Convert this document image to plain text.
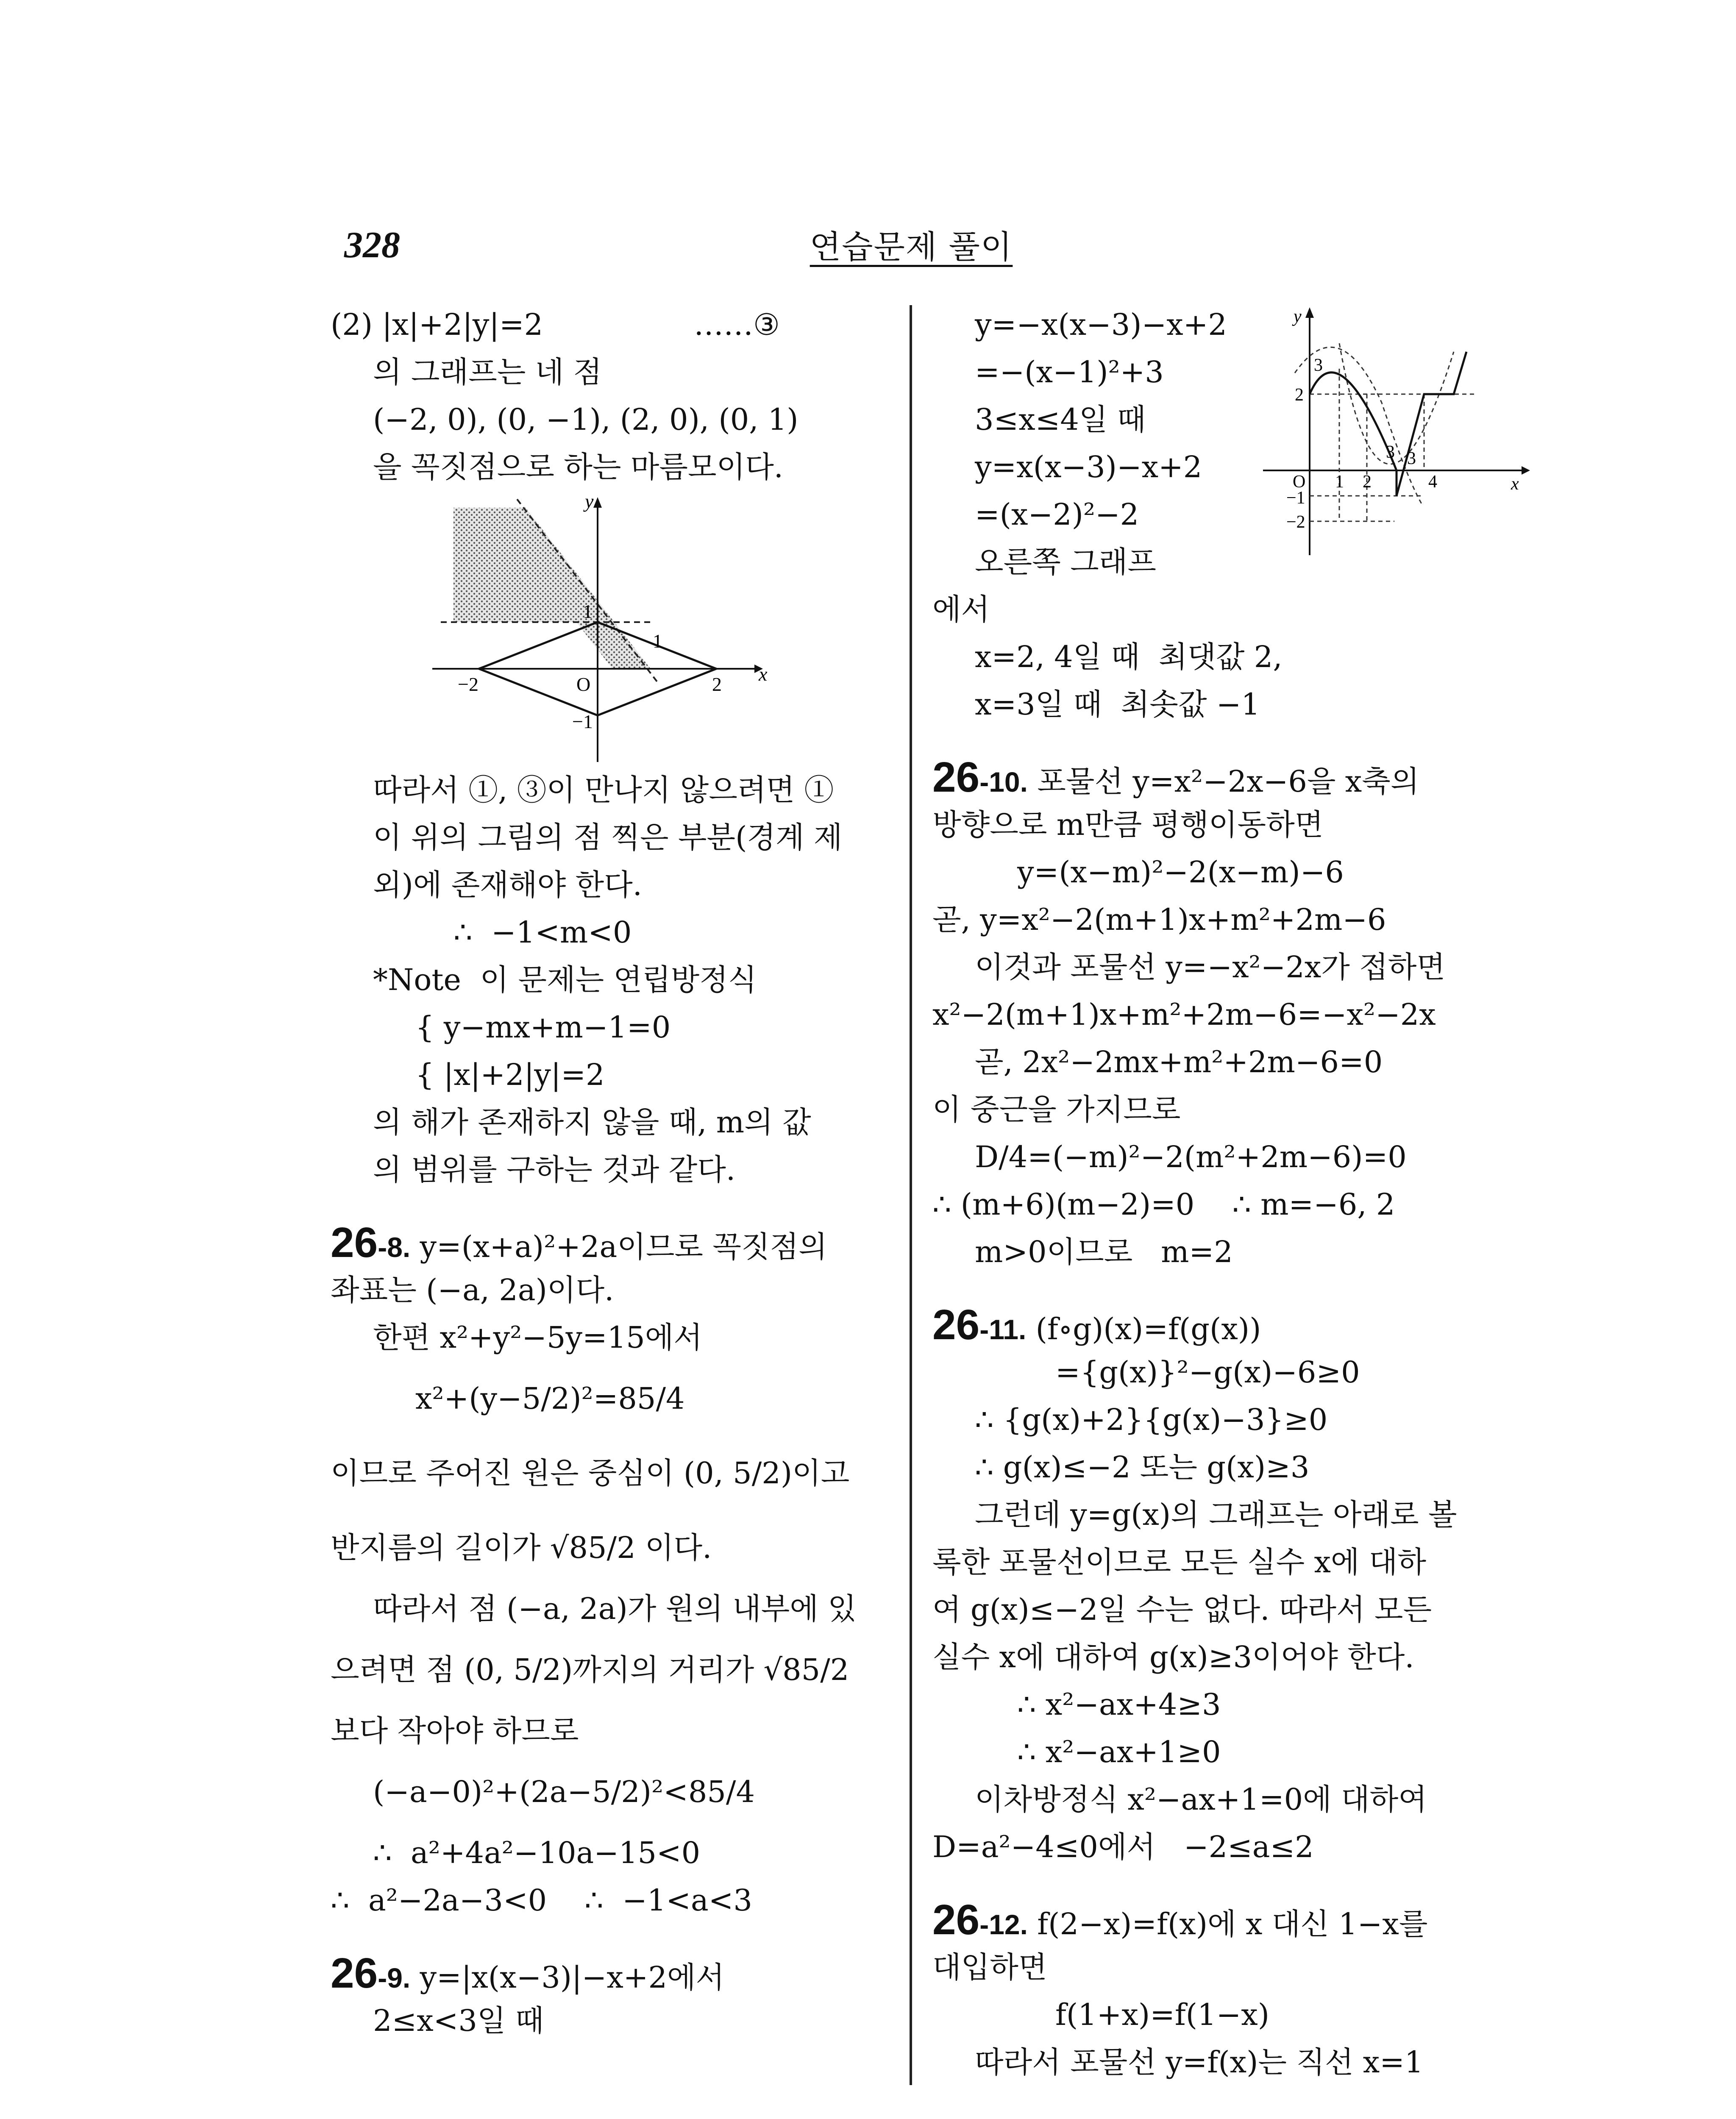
328	연습문제 풀이
(2) |x|+2|y|=2                ……③
의 그래프는 네 점
(−2, 0), (0, −1), (2, 0), (0, 1)
을 꼭짓점으로 하는 마름모이다.
y
x
O
−2	2
1
−1
1
따라서 ①, ③이 만나지 않으려면 ①
이 위의 그림의 점 찍은 부분(경계 제
외)에 존재해야 한다.
∴  −1<m<0
*Note  이 문제는 연립방정식
{ y−mx+m−1=0
{ |x|+2|y|=2
의 해가 존재하지 않을 때, m의 값
의 범위를 구하는 것과 같다.
26-8. y=(x+a)²+2a이므로 꼭짓점의
좌표는 (−a, 2a)이다.
한편 x²+y²−5y=15에서
x²+(y−5/2)²=85/4
이므로 주어진 원은 중심이 (0, 5/2)이고
반지름의 길이가 √85/2 이다.
따라서 점 (−a, 2a)가 원의 내부에 있
으려면 점 (0, 5/2)까지의 거리가 √85/2
보다 작아야 하므로
(−a−0)²+(2a−5/2)²<85/4
∴  a²+4a²−10a−15<0
∴  a²−2a−3<0    ∴  −1<a<3
26-9. y=|x(x−3)|−x+2에서
2≤x<3일 때
y=−x(x−3)−x+2
=−(x−1)²+3
3≤x≤4일 때
y=x(x−3)−x+2
=(x−2)²−2
오른쪽 그래프
에서
x=2, 4일 때  최댓값 2,
x=3일 때  최솟값 −1
y
x
O 1 2
3
4
3
2
3
−1
−2
26-10. 포물선 y=x²−2x−6을 x축의
방향으로 m만큼 평행이동하면
y=(x−m)²−2(x−m)−6
곧, y=x²−2(m+1)x+m²+2m−6
이것과 포물선 y=−x²−2x가 접하면
x²−2(m+1)x+m²+2m−6=−x²−2x
곧, 2x²−2mx+m²+2m−6=0
이 중근을 가지므로
D/4=(−m)²−2(m²+2m−6)=0
∴ (m+6)(m−2)=0    ∴ m=−6, 2
m>0이므로   m=2
26-11. (f∘g)(x)=f(g(x))
={g(x)}²−g(x)−6≥0
∴ {g(x)+2}{g(x)−3}≥0
∴ g(x)≤−2 또는 g(x)≥3
그런데 y=g(x)의 그래프는 아래로 볼
록한 포물선이므로 모든 실수 x에 대하
여 g(x)≤−2일 수는 없다. 따라서 모든
실수 x에 대하여 g(x)≥3이어야 한다.
∴ x²−ax+4≥3
∴ x²−ax+1≥0
이차방정식 x²−ax+1=0에 대하여
D=a²−4≤0에서   −2≤a≤2
26-12. f(2−x)=f(x)에 x 대신 1−x를
대입하면
f(1+x)=f(1−x)
따라서 포물선 y=f(x)는 직선 x=1
